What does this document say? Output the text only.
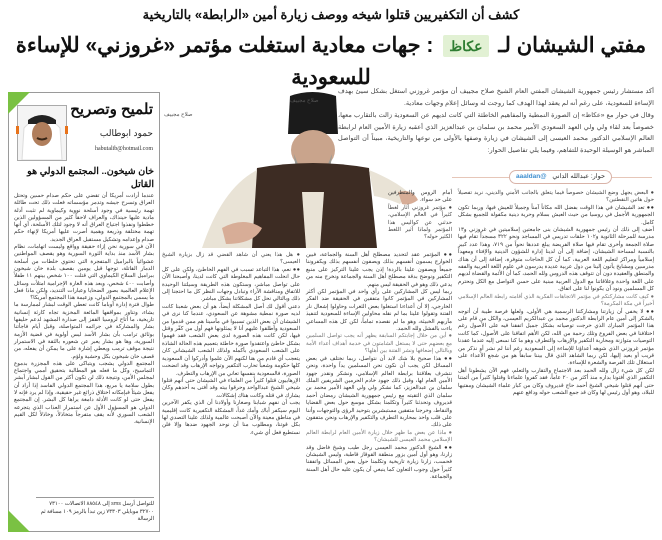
كشف أن التكفيريين قتلوا شيخه ووصف زيارة أمين «الرابطة» بالتاريخية
مفتي الشيشان لـ عكاظ : جهات معادية استغلت مؤتمر «غروزني» للإساءة للسعودية

أكد مستشار رئيس جمهورية الشيشان المفتي العام الشيخ صلاح مجييف أن مؤتمر غروزني استغل بشكل سيئ بهدف الإساءة للسعودية، على رغم أنه لم يعقد لهذا الهدف كما روجت له وسائل إعلام وجهات معادية.

وقال في حوار مع «عكاظ» إن الصورة النمطية والمفاهيم الخاطئة التي كانت لديهم عن السعودية زالت بالتقارب معها، خصوصاً بعد لقاء ولي ولي العهد السعودي الأمير محمد بن سلمان بن عبدالعزيز الذي أعقبه زيارة الأمين العام لرابطة العالم الإسلامي الدكتور محمد العيسى إلى الشيشان في زيارة وصفها بالأولى من نوعها والتاريخية، مبيناً أن التواصل المباشر هو الوسيلة الوحيدة للتفاهم، وفيما يلي تفاصيل الحوار:

صلاح مجييف
صلاح مجييف
حوار: عبدالله الداني @aaaldan

● البعض يجهل وضع الشيشان خصوصاً فيما يتعلق بالجانب الأمني والديني، نريد تفصيلاً حول هاتين النقطتين؟

●● تعد الشيشان في هذا الوقت بفضل الله مكاناً آمناً وجميلاً للعيش فيها، وربما تكون الجمهورية الأجمل في روسيا من حيث العيش بسلام وحرية دينية مكفولة للجميع بشكل كامل.

أضف إلى ذلك أن رئيس جمهورية الشيشان بنى جامعتين إسلاميتين في غروزني و١٣ مدرسة للمرحلة الثانوية و١٠٢ حلقات تدريس في المساجد ونحو ٣٢٢ مسجداً تقام فيها صلاة الجمعة وأخرى تقام فيها صلاة الفريضة يبلغ عددها نحواً من ٧١٩، وهذا عدد كبير بالنسبة لمساحة الشيشان، إضافة إلى أن لدينا إدارة للشؤون الدينية والإفتاء ومعهداً إسلامياً ومراكز لتعليم اللغة العربية، كما أن كل الحاجات متوفرة، إضافة إلى أن هناك مدرسين ومشايخ يأتون إلينا من دول عربية عديدة يدرسون في علوم اللغة العربية والفقه والمنطق والعقيدة دون أن تتوقف هذه الدروس ولله الحمد، كما أن الأئمة والقضاة لديهم على اللغة واحدة وعلاقاتنا مع الدول العربية مبنية على حسن التواصل مع الكل ونحترم كل المسلمين ونود أن يكونوا لنا على اتفاق.

● كيف كانت مشاركتكم في مؤتمر الاتجاهات الفكرية الذي أقامته رابطة العالم الإسلامي أخيراً في مكة المكرمة؟

●● لا يخفى أن زيارتنا ومشاركتنا الرسمية هي الأولى، ولعلها فرصة طيبة أن أتوجه بالشكر إلى أمين عام الرابطة الدكتور محمد بن عبدالكريم العيسى، والكل من قام على هذا المؤتمر المبارك الذي خرجت توصياته بشكل جميل اتفقنا فيه على الأصول رغم اختلافنا في بعض الفروع وتلك رحمة من الله، لكن الأهم اتفاقنا على الأصول، كما كانت التوصيات متوازنة ومحاربة التكفير والإرهاب والتطرف وهو ما كنا نسعى إليه عندما عقدنا مؤتمر غروزني الذي شوهه أعداؤنا للإساءة إلى السعودية رغم أننا لم نشر أو نذكر من قريب أو بعيد إليها، لكن ربما الشاهد الذي قال بيننا سابقاً هو من شجع الأعداء على استغلال تلك الفرصة والشعرة للإساءة.

لكن كل شيء زال ولله الحمد بعد الاجتماع والتقارب والتعلم، فهم الآن يشطونا أهل التكفير الذي أفتونا بداره منذ أكثر من ٢٠ عاماً، فقد كفروا علماءنا وقتلوا كثيراً من أئمتنا حتى أنهم قتلوا شيخي الشيخ أحمد حاج قديروف وكان من كبار علماء الشيشان ومفتيها للبلاد، وهو أول رئيس لها وكان قد جمع الشعب حوله ودافع عنهم

أمام الروس والمتطرفين على حد سواء.

● مؤتمر غروزني أثار لغطاً كثيراً في العالم الإسلامي، حدثني عن كواليس هذا المؤتمر ولماذا أثير اللغط الكثير حوله؟

●● المؤتمر عقد لتحديد مصطلح أهل السنة والجماعة، فبين الخوارج يسمون أنفسهم بذلك ويصفون أنفسهم بذلك ويكفروننا جميعاً ويصفون علينا بالردة! إذن يجب علينا التركيز على منبع التكفير ونوضح بدقة مصطلح أهل السنة والجماعة ونخرج منه من يدعي ذلك وهو في الحقيقة ليس منهم.

ربما ليس كل المشاركين على رأي واحد في المؤتمر لكن أكثر المشاركين في المؤتمر كانوا متفقين في الحقيقة ضد الفكر الخارجي، إلا أن أعداءنا استغلوا بعض الثغرات وحاولوا إشعال نار الفتنة وتقولوا علينا بما لم نقله محاولين الإساءة للسعودية لتنفيذ مآربهم الخبيثة، وهو ما لم نقصده تماماً، لكن كل هذه المساعي باءت بالفشل ولله الحمد.

● أين من خلال إجابتكم السابقة يظهر أنه يجب تواصل السلمين مع بعضهم حتى لا يستغل الشامتون في خدمة أهداف أعداء الأمة وبالتالي إضعافها ونشر الفتنة بين أهلها؟

●● هذا صحيح بلا شك لابد أن نتواصل، ربما نختلف في بعض المسائل لكن يجب أن نكون نحن المسلمين يداً واحدة، ونحن نتشرف بعلاقتنا برابطة العالم الإسلامي، ونشكر ونقدر جهود الأمين العام لها، وقبل ذلك جهود خادم الحرمين الشريفين الملك سلمان بن عبدالعزيز، كما نشكر ولي ولي العهد الأمير محمد بن سلمان الذي التقيته مع رئيس جمهورية الشيشان رمضان أحمد قديروف وتحدثنا كثيراً وتكلمنا بشكل موسع حول بعض القضايا والنقاط، وخرجنا متفقين مستبشرين بتوحيد الرؤى والتوجهات وأننا على قلب واحد بمحاربة التطرف والتكفير والإرهاب ونحن متفقون على ذلك.

● ماذا عن بعض ما ظهر خلال زيارة الأمين العام لرابطة العالم الإسلامي محمد العيسى للشيشان؟

●● الشيخ الدكتور محمد العيسى رجل طيب وشيخ فاضل وقد زارنا، وهو أول أمين يزور منطقة القوقاز قاطبة، وليس الشيشان فحسب، زارنا زيارة تاريخية وتكلمنا حول بعض المسائل واتفقنا كثيراً حول وجوب التعاون كما ينبغي أن يكون عليه حال أهل السنة والجماعة.

● هل هذا يعني أن شاهد القضي قد زال بزيارة الشيخ العيسى؟

●● نعم، هذا التباعد تسبب في الفهم الخاطئ، ولكن على كل حال انحلت المفاهيم المغلوطة التي كانت لدينا، وأصبحنا الآن على تواصل مباشر، وستكون هذه الطريقة وسيلتنا الوحيدة للاتفاق ومناقشة الآراء وتبادل وجهات النظر كل ما احتجنا إلى ذلك وبالتالي نحل كل مشكلاتنا بشكل مباشر.

دعني أقول لك أصل المشكلة أيضاً، هو أن بعض شعبنا كانت لديه صورة نمطية مشوهة عن السعودي، عندما كنا نرى في الشيشان أن بعض الذين تسببوا في مآسينا هم ممن قدموا من السعودية وأطلقوا عليهم أنا لا يمثلونها فهم أول من كفّر وقتل فيها، لكن كانت هذه الصورة لدى بعض الشعب فقد فهموا بشكل خاطئ واعتقدوا صورة خاطئة بتعميم هذه الحالة الشاذة على الشعب السعودي بأكمله ولذلك الشعب الشيشاني كان يتعجب أي قادم من هنا لكنهم الآن علموا وأدركوا أن السعودية كلها حكومة وشعباً تحارب التكفير وتواجه الإرهاب وقد اتضحت الصورة، فالسعودية بنفسها تعاني من الإرهاب والتطرف.

الإرهابيون قتلوا كثيراً من العلماء في الشيشان حتى أنهم قتلوا شيخي الشيخ عبدالواحد وحرقوا بيته وقد أفتى به أحدهم وكان يشارك في قتله وكانت هناك إشكالات.

يجب أن نفهم شبابنا وصغارنا وأولادنا أن الذي يكفر الآخرين اليوم سيكفر أباك وأمك غداً، المشكلة التكفيرية كانت إقليمية في مناطق معينة والآن أصبحت عالمية ولذلك علينا التصدي لها بكل قوتنا، ومطلوب منا أن نوحد الجهود ضدها وإلا فلن نستطيع فعل أي شيء.

تلميح وتصريح
حمود ابوطالب
habutalib@hotmail.com
خان شيخون.. المجتمع الدولي هو القاتل

عندما أرادت أمريكا أن تقضي على حكم صدام حسين وتحتل العراق وتسرح جيشه وتدمر مؤسساته فعلت ذلك تحت طائلة تهمة رئيسية في وجود أسلحة نووية وكيماوية لم تثبت أدلة مادية عليها حينذاك، والعراف لاحقاً كثير من المسؤولين الذين خططوا ونفذوا اجتياح العراق أنه لا وجود لتلك الأسلحة، أي أنها تهمة مختلقة وذريعة وهمية أصرت عليها أمريكا لإنهاء حكم صدام وإعدامه وتشكيل مستقبل العراق الجديد.

الآن في سورية نحن إزاء حقيقة وواقع وليست اتهامات، نظام بشار الأسد منذ بداية الثورة السورية وهو يقصف المواطنين عشوائياً بالبراميل المتفجرة التي تحتوي خلطات من أسلحة الدمار القاتلة، توجها قبل يومين بقصف بلدة خان شيخون ببراميل السلاح الكيماوي التي قتلت ١٠٠ شخص بينهم ١١ طفلاً وأصابت ٤٠٠ شخص، وبعد هذه الغارة الإجرامية امتلأت وسائل الإعلام العالمية بصور الضحايا وعبارات التنديد، ولكن ماذا فعل ما يسمى بالمجتمع الدولي، وزعيمة هذا المجتمع أمريكا؟

طوال فترة إدارة أوباما كانت تعطي الوقت لبشار لممارسة ما يشاء، وتناور بمواقفها المائعة المخزية تجاه كارثة إنسانية تاريخية، ما أتاح لروسيا القفز إلى صدارة المشهد لدعم حليفها بشار والمشاركة في جرائمه المتواصلة، وقبل أيام فاجأتنا بوثائق ترامب بأن بشار الأسد ليس أولوية في قضية الأزمة السورية، وها هو بشار يعبر عن شعوره بالثقة في الاستمرار نتيجة موقف ترمب ويعطي إشارة على ما يمكن أن يفعله، من قصف خان شيخون بكل وحشية ولؤم.

المجتمع الدولي يشجب ويتباكى على هذه المجزرة بدموع التماسيح، وكل ما فعله هو المطالبة بتحقيق أممي واجتماع لمجلس الأمن، ونتيجة ذلك لن تكون أكثر من القول لبشار أبشر بطول سلامة يا مربع، هذا المجتمع الدولي الفاسد إذا أراد أن يفعل شيئاً فبإمكانه اختلاق ذرائع غير حقيقية، وإذا لم يرد فإنه لا يفعل حتى لو كانت الأدلة دامغة يراها كل البشر. إن المجتمع الدولي هو المسؤول الأول عن استمرار العذاب الذي يتجرعه الشعب السوري لأنه يقف متفرجاً متخاذلاً، وخاذلاً لكل القيم الإنسانية.

للتواصل أرسل sms إلى ٨٨٥٤٨ الاتصالات ٧٣١٠٠ ٣٢٧٠٠ موبايلي ٧٣٣٠٣ زين تبدأ بالرمز ١٠٩ مسافة ثم الرسالة
